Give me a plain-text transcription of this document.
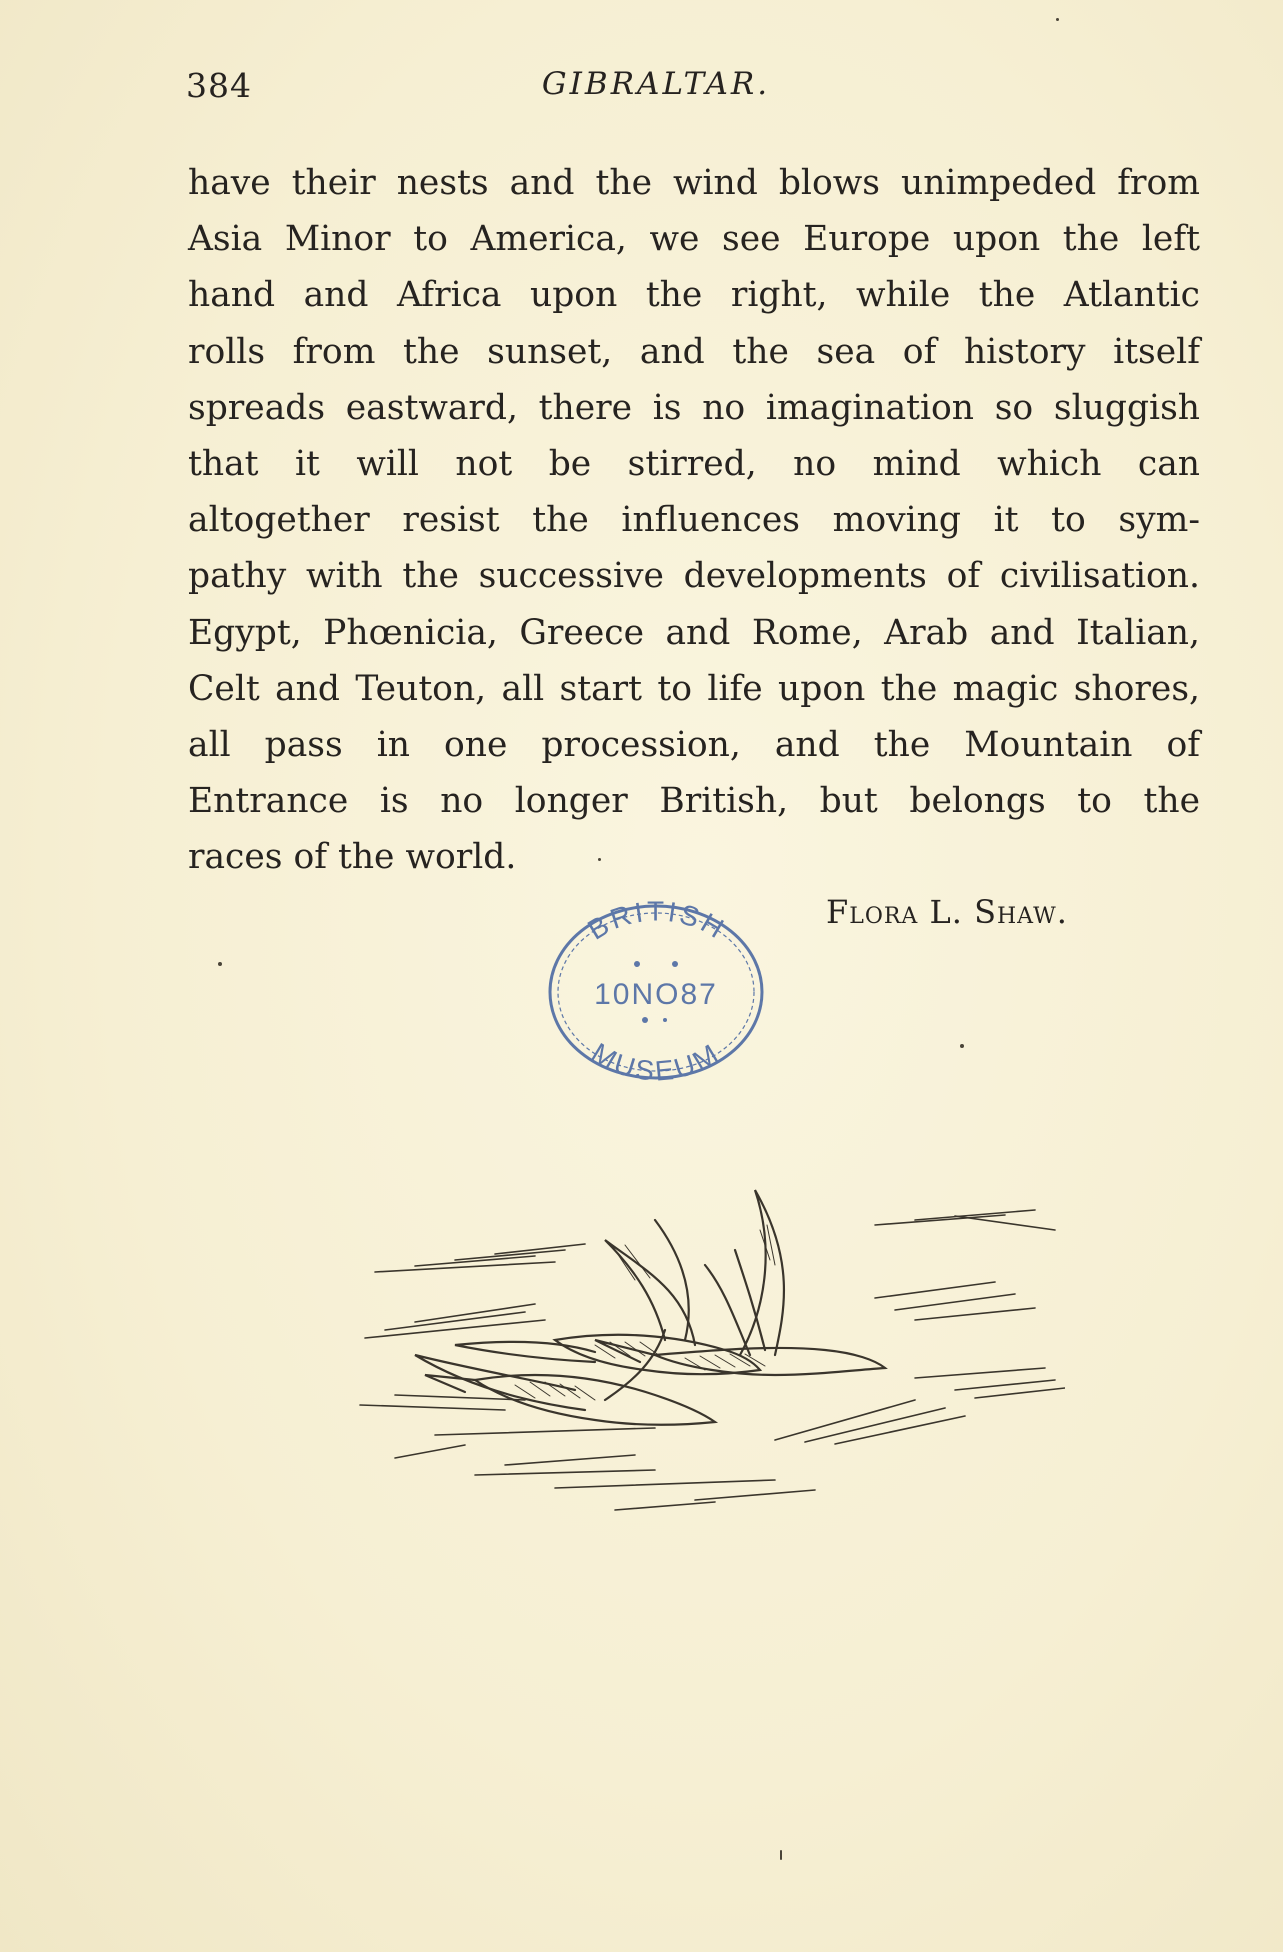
384	GIBRALTAR.
have their nests and the wind blows unimpeded from
Asia Minor to America, we see Europe upon the left
hand and Africa upon the right, while the Atlantic
rolls from the sunset, and the sea of history itself
spreads eastward, there is no imagination so sluggish
that it will not be stirred, no mind which can
altogether resist the influences moving it to sym-
pathy with the successive developments of civilisation.
Egypt, Phœnicia, Greece and Rome, Arab and Italian,
Celt and Teuton, all start to life upon the magic shores,
all pass in one procession, and the Mountain of
Entrance is no longer British, but belongs to the
races of the world.
Flora L. Shaw.
BRITISH
10NO87
MUSEUM
